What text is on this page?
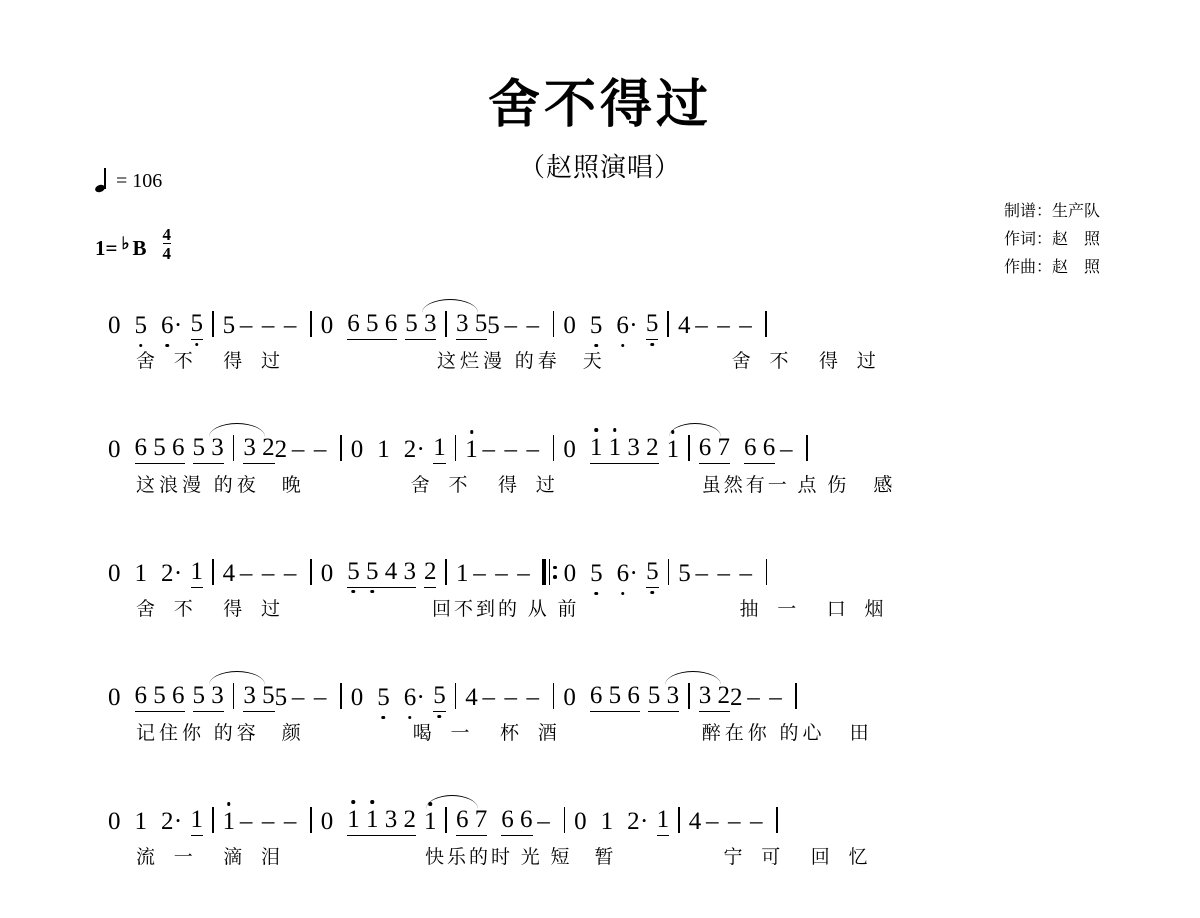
舍不得过
（赵照演唱）
= 106
1= ♭ B $\frac{4}{4}$
制谱：生产队
作词：赵　照
作曲：赵　照
0 5 6 · 5 5 – – – 0 6 5 6 5 3 3 5 5 – – 0 5 6 · 5 4 – – –
舍 不  得 过	这烂漫 的春 天	舍 不  得 过
0 6 5 6 5 3 3 2 2 – – 0 1 2 · 1 1 – – – 0 1 1 3 2 1 6 7 6 6 –
这浪漫 的夜 晚	舍 不  得 过	虽然有一 点 伤 感
0 1 2 · 1 4 – – – 0 5 5 4 3 2 1 – – – 0 5 6 · 5 5 – – –
舍 不  得 过	回不到的 从 前	抽 一  口 烟
0 6 5 6 5 3 3 5 5 – – 0 5 6 · 5 4 – – – 0 6 5 6 5 3 3 2 2 – –
记住你 的容 颜	喝 一  杯 酒	醉在你 的心 田
0 1 2 · 1 1 – – – 0 1 1 3 2 1 6 7 6 6 – 0 1 2 · 1 4 – – –
流 一  滴 泪	快乐的时 光 短 暂	宁 可  回 忆
